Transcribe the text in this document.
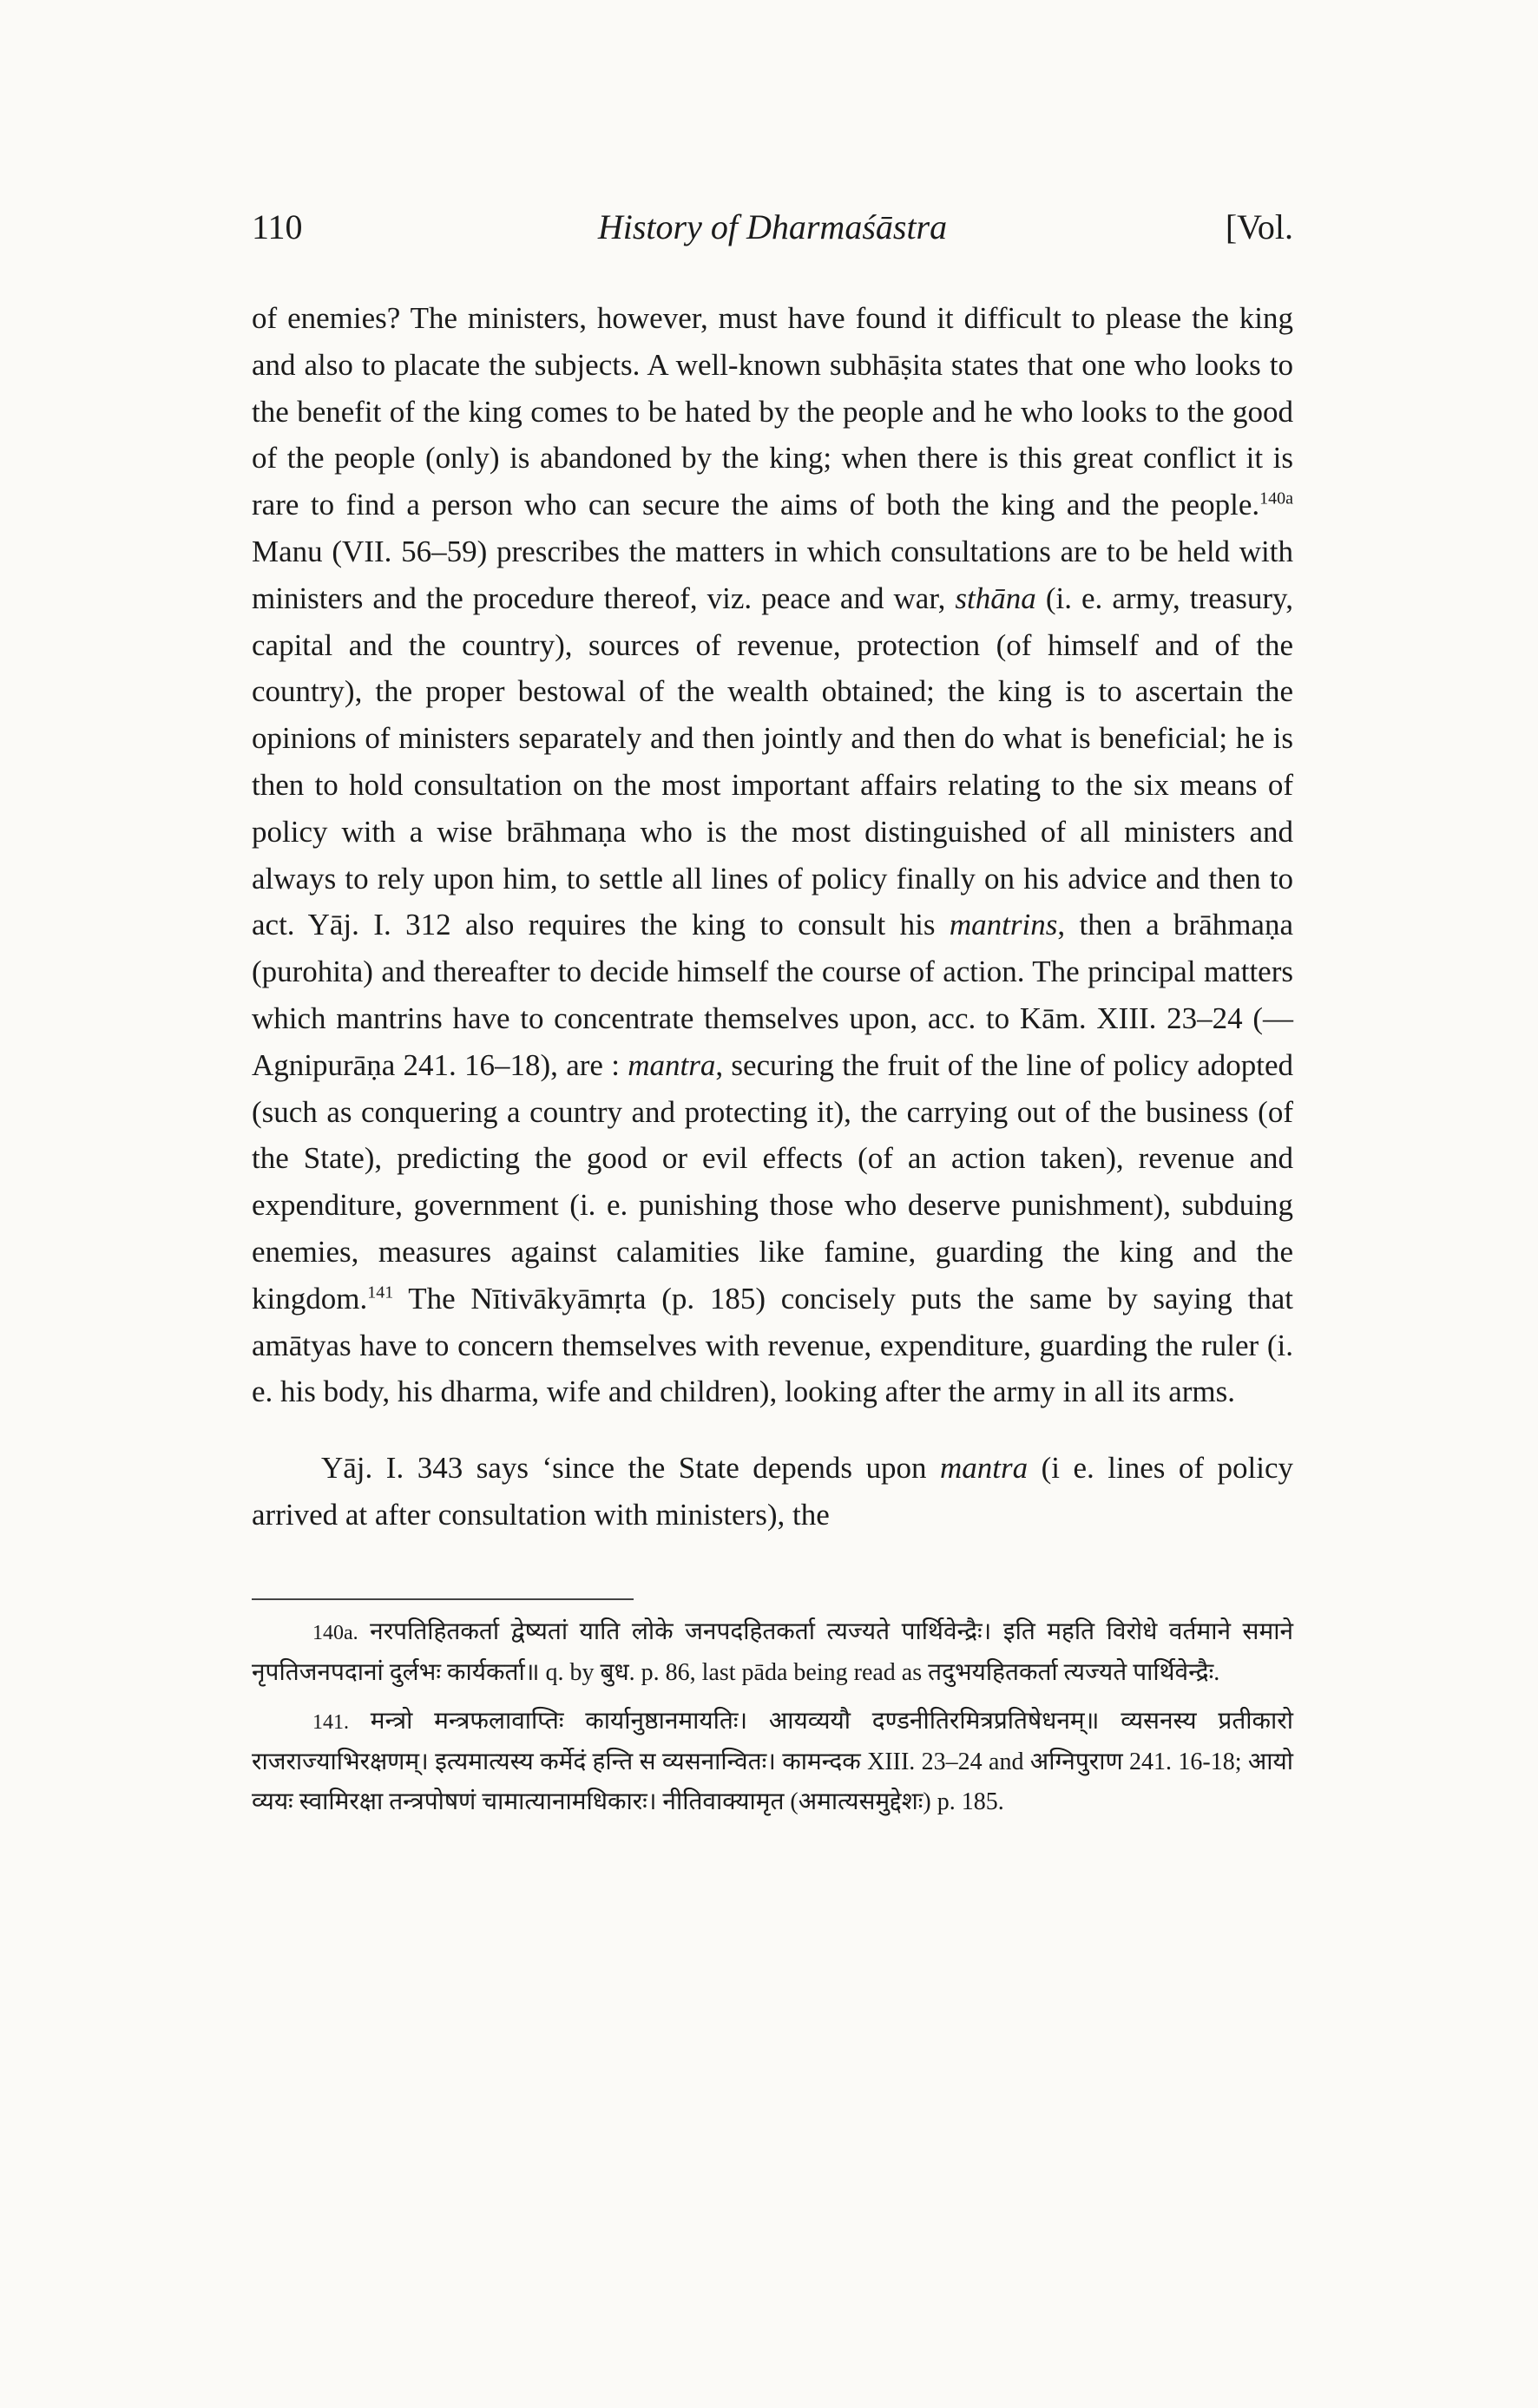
110	History of Dharmaśāstra	[Vol.

of enemies? The ministers, however, must have found it difficult to please the king and also to placate the subjects. A well-known subhāṣita states that one who looks to the benefit of the king comes to be hated by the people and he who looks to the good of the people (only) is abandoned by the king; when there is this great conflict it is rare to find a person who can secure the aims of both the king and the people.$^{140a}$ Manu (VII. 56–59) prescribes the matters in which consultations are to be held with ministers and the procedure thereof, viz. peace and war, sthāna (i. e. army, treasury, capital and the country), sources of revenue, protection (of himself and of the country), the proper bestowal of the wealth obtained; the king is to ascertain the opinions of ministers separately and then jointly and then do what is beneficial; he is then to hold consultation on the most important affairs relating to the six means of policy with a wise brāhmaṇa who is the most distinguished of all ministers and always to rely upon him, to settle all lines of policy finally on his advice and then to act. Yāj. I. 312 also requires the king to consult his mantrins, then a brāhmaṇa (purohita) and thereafter to decide himself the course of action. The principal matters which mantrins have to concentrate themselves upon, acc. to Kām. XIII. 23–24 (—Agnipurāṇa 241. 16–18), are : mantra, securing the fruit of the line of policy adopted (such as conquering a country and protecting it), the carrying out of the business (of the State), predicting the good or evil effects (of an action taken), revenue and expenditure, government (i. e. punishing those who deserve punishment), subduing enemies, measures against calamities like famine, guarding the king and the kingdom.$^{141}$ The Nītivākyāmṛta (p. 185) concisely puts the same by saying that amātyas have to concern themselves with revenue, expenditure, guarding the ruler (i. e. his body, his dharma, wife and children), looking after the army in all its arms.

Yāj. I. 343 says ‘since the State depends upon mantra (i e. lines of policy arrived at after consultation with ministers), the

140a. नरपतिहितकर्ता द्वेष्यतां याति लोके जनपदहितकर्ता त्यज्यते पार्थिवेन्द्रैः। इति महति विरोधे वर्तमाने समाने नृपतिजनपदानां दुर्लभः कार्यकर्ता॥ q. by बुध. p. 86, last pāda being read as तदुभयहितकर्ता त्यज्यते पार्थिवेन्द्रैः.

141. मन्त्रो मन्त्रफलावाप्तिः कार्यानुष्ठानमायतिः। आयव्ययौ दण्डनीतिरमित्रप्रतिषेधनम्॥ व्यसनस्य प्रतीकारो राजराज्याभिरक्षणम्। इत्यमात्यस्य कर्मेदं हन्ति स व्यसनान्वितः। कामन्दक XIII. 23–24 and अग्निपुराण 241. 16-18; आयो व्ययः स्वामिरक्षा तन्त्रपोषणं चामात्यानामधिकारः। नीतिवाक्यामृत (अमात्यसमुद्देशः) p. 185.
